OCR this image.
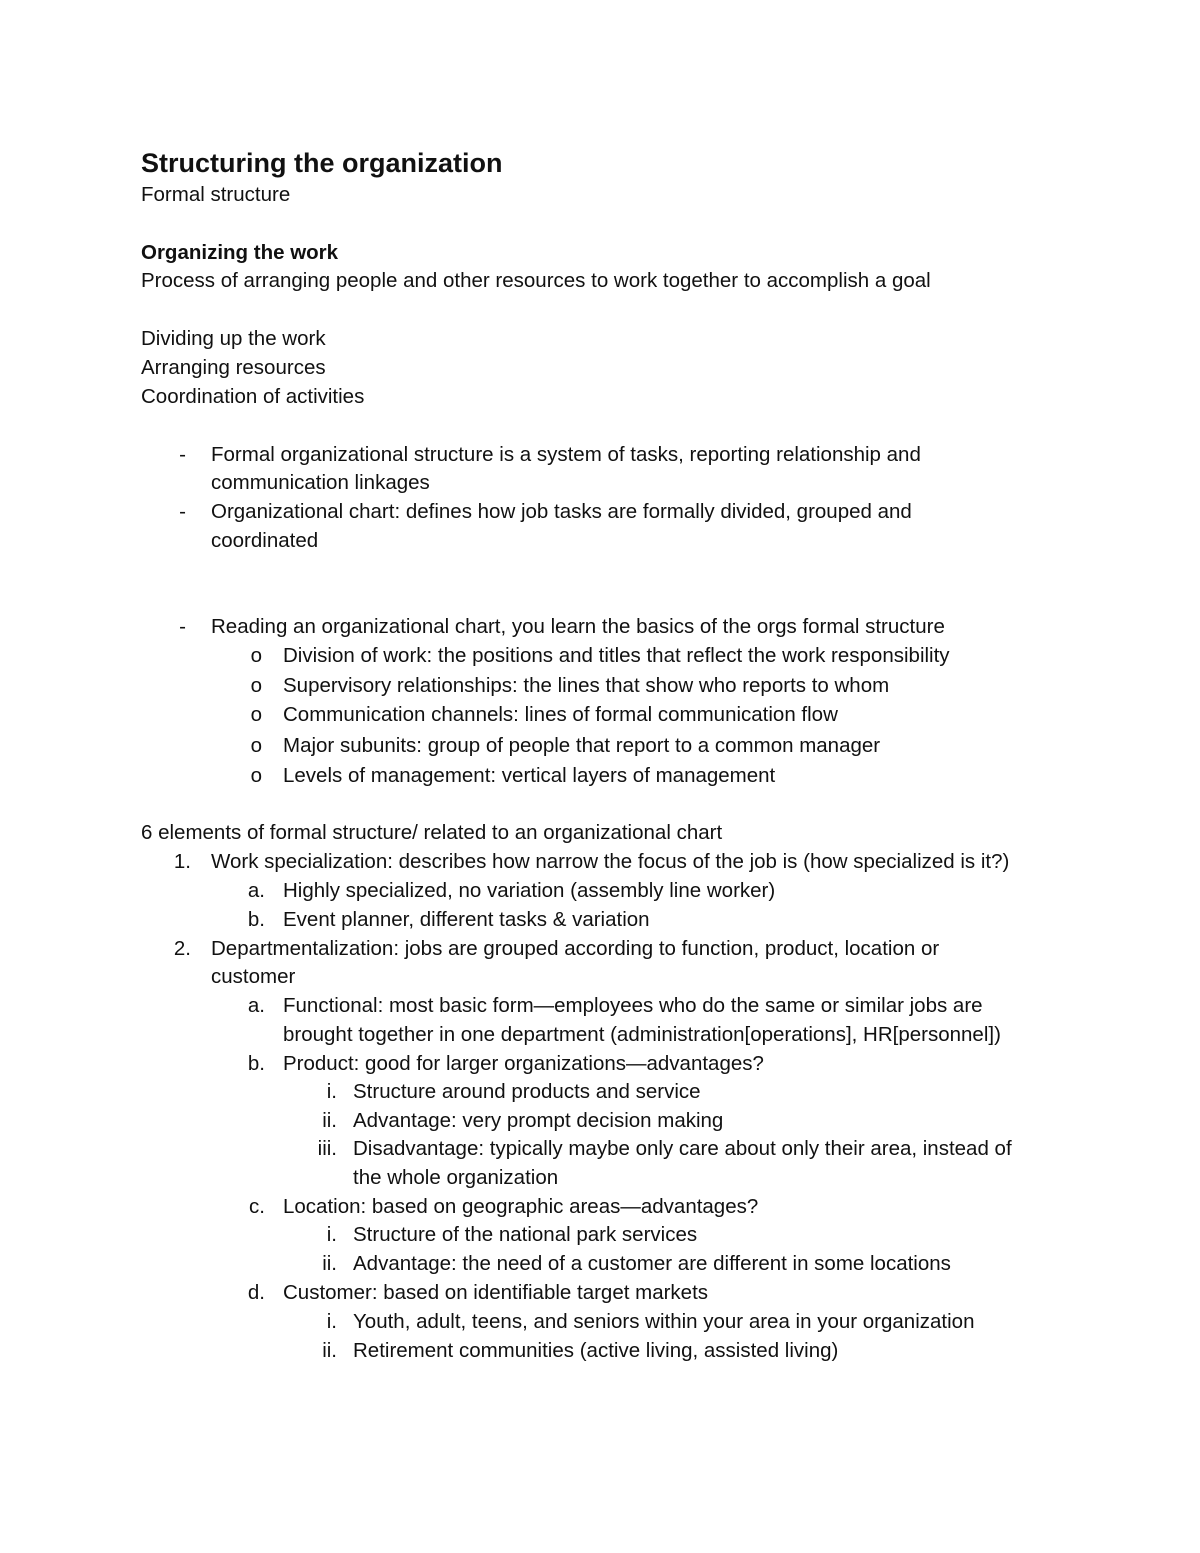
Structuring the organization
Formal structure
Organizing the work
Process of arranging people and other resources to work together to accomplish a goal
Dividing up the work
Arranging resources
Coordination of activities
- Formal organizational structure is a system of tasks, reporting relationship and
communication linkages
- Organizational chart: defines how job tasks are formally divided, grouped and
coordinated
- Reading an organizational chart, you learn the basics of the orgs formal structure
o Division of work: the positions and titles that reflect the work responsibility
o Supervisory relationships: the lines that show who reports to whom
o Communication channels: lines of formal communication flow
o Major subunits: group of people that report to a common manager
o Levels of management: vertical layers of management
6 elements of formal structure/ related to an organizational chart
1. Work specialization: describes how narrow the focus of the job is (how specialized is it?)
a. Highly specialized, no variation (assembly line worker)
b. Event planner, different tasks & variation
2. Departmentalization: jobs are grouped according to function, product, location or
customer
a. Functional: most basic form—employees who do the same or similar jobs are
brought together in one department (administration[operations], HR[personnel])
b. Product: good for larger organizations—advantages?
i. Structure around products and service
ii. Advantage: very prompt decision making
iii. Disadvantage: typically maybe only care about only their area, instead of
the whole organization
c. Location: based on geographic areas—advantages?
i. Structure of the national park services
ii. Advantage: the need of a customer are different in some locations
d. Customer: based on identifiable target markets
i. Youth, adult, teens, and seniors within your area in your organization
ii. Retirement communities (active living, assisted living)
